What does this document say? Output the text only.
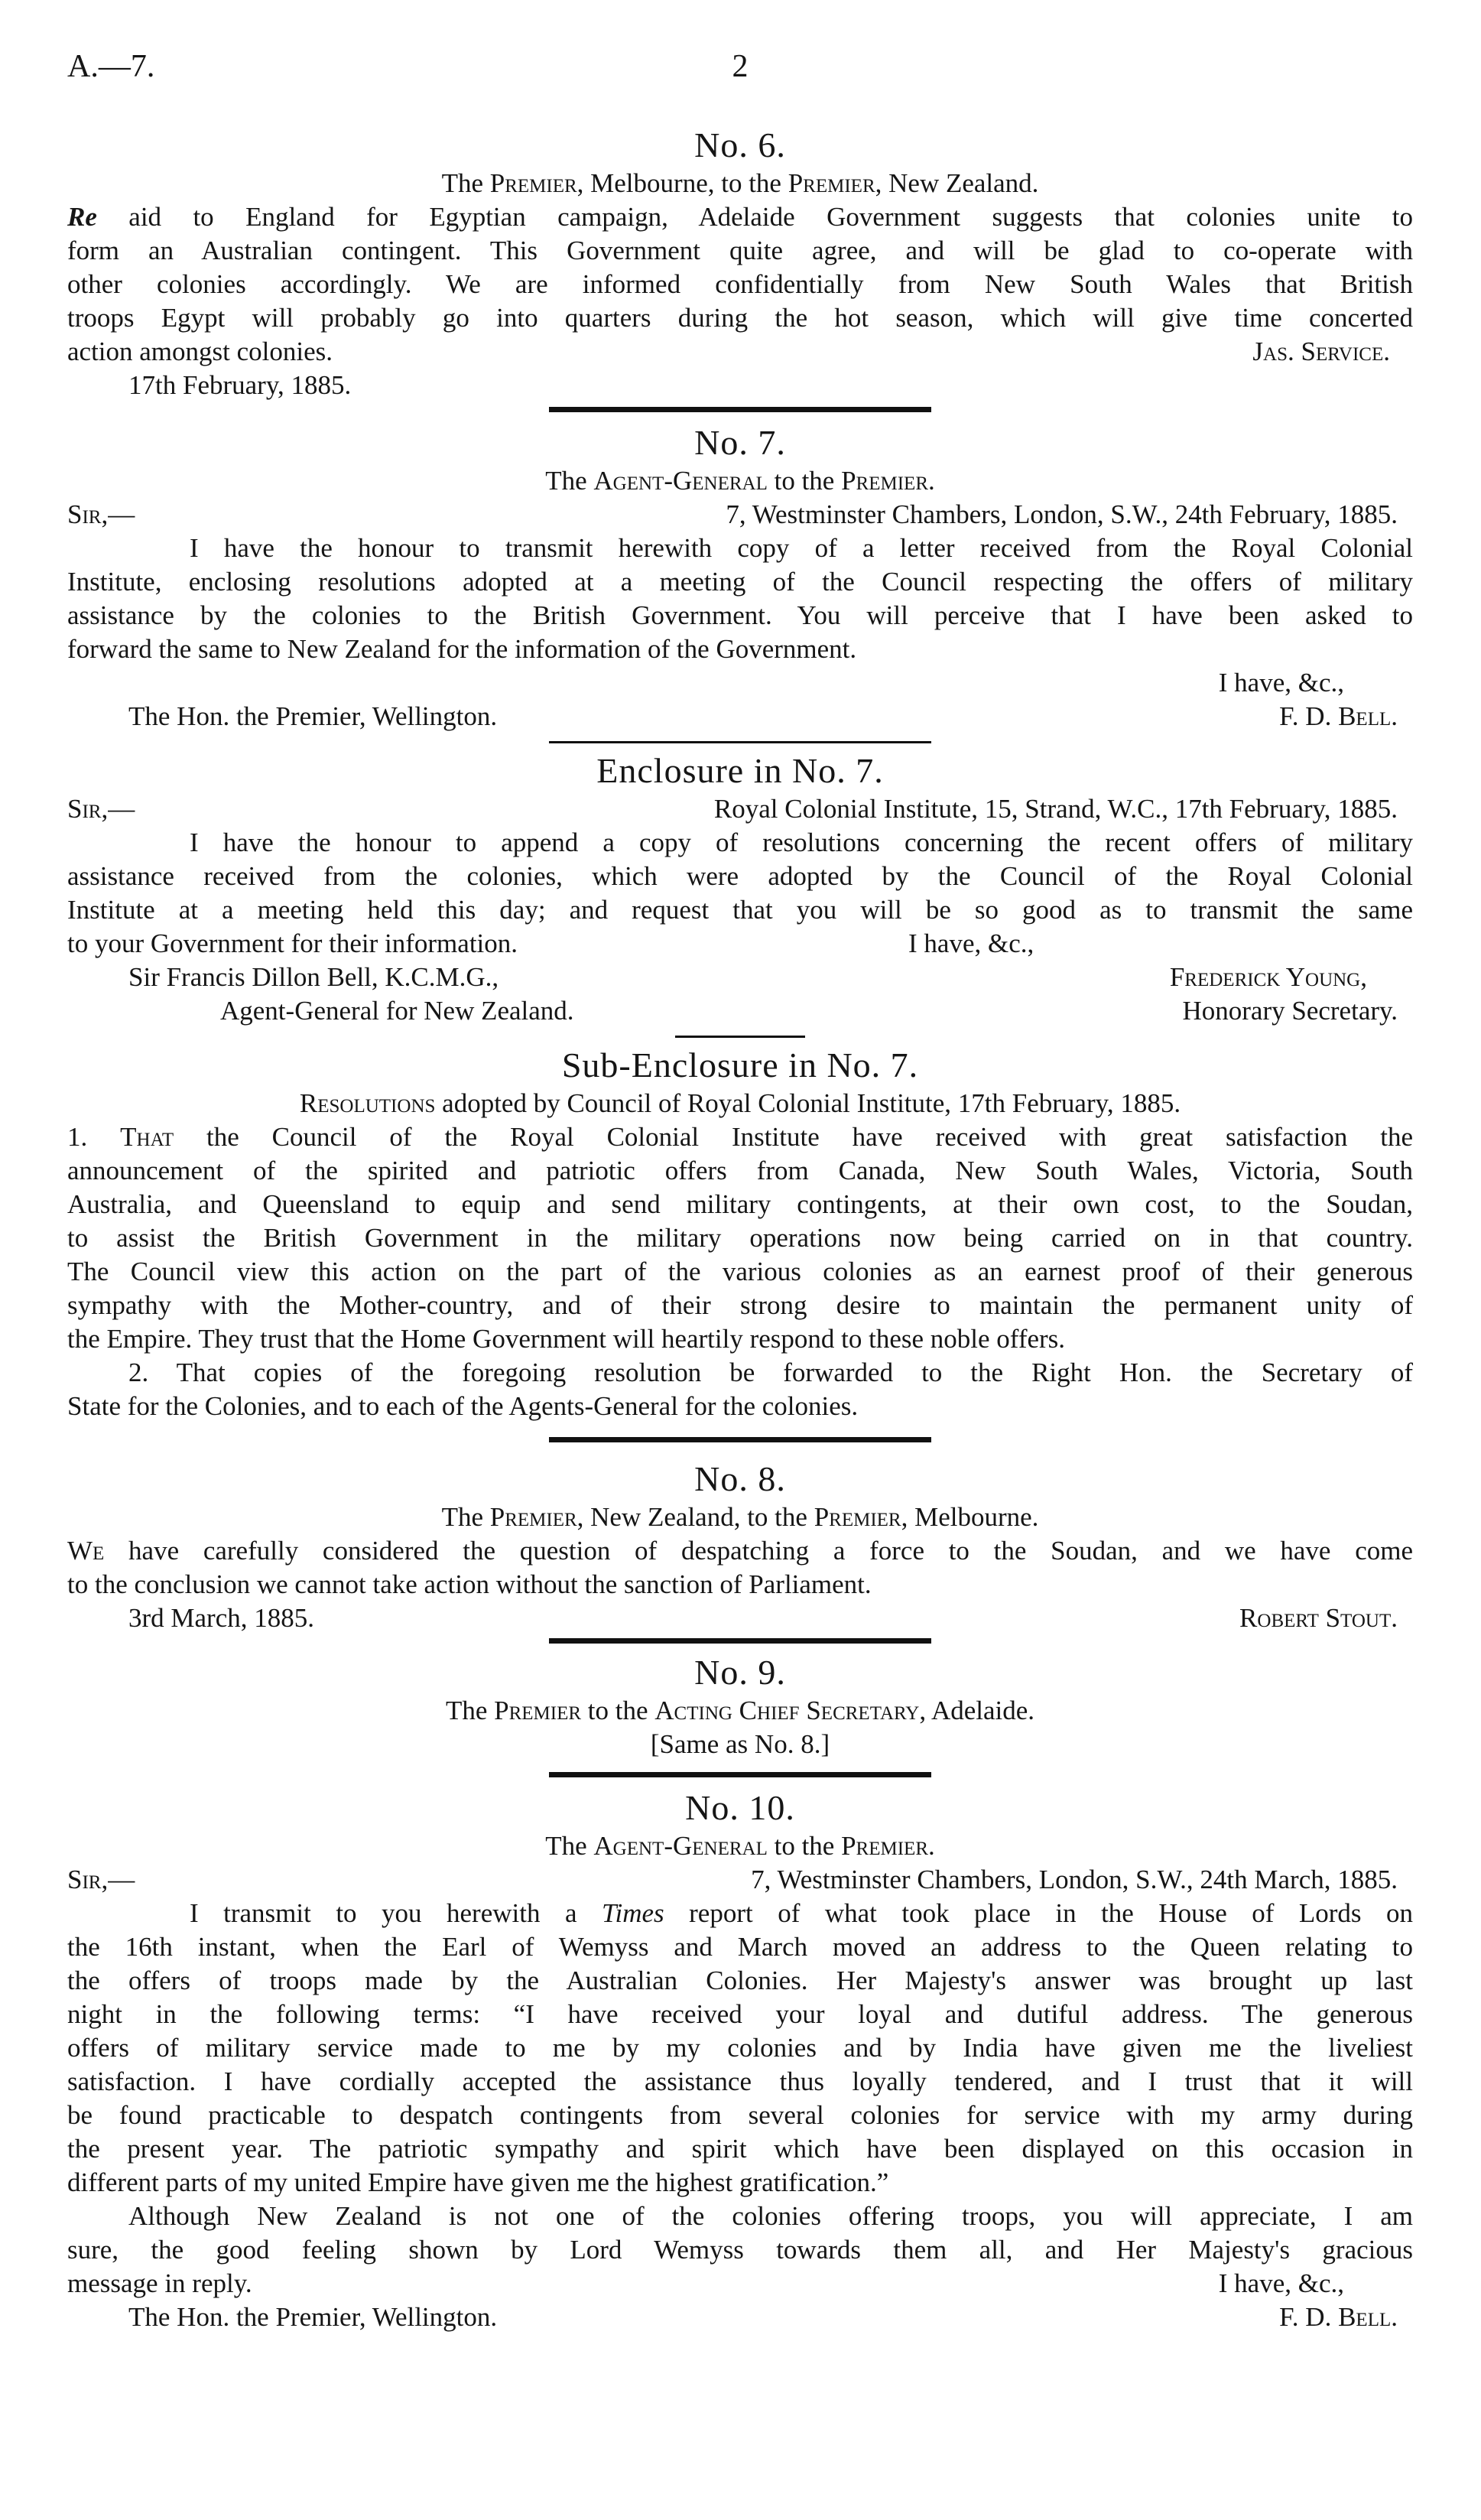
A.—7.	2
No. 6.
The Premier, Melbourne, to the Premier, New Zealand.
Re aid to England for Egyptian campaign, Adelaide Government suggests that colonies unite to
form an Australian contingent. This Government quite agree, and will be glad to co-operate with
other colonies accordingly. We are informed confidentially from New South Wales that British
troops Egypt will probably go into quarters during the hot season, which will give time concerted
action amongst colonies.	Jas. Service.
17th February, 1885.
No. 7.
The Agent-General to the Premier.
Sir,—	7, Westminster Chambers, London, S.W., 24th February, 1885.
I have the honour to transmit herewith copy of a letter received from the Royal Colonial
Institute, enclosing resolutions adopted at a meeting of the Council respecting the offers of military
assistance by the colonies to the British Government. You will perceive that I have been asked to
forward the same to New Zealand for the information of the Government.
I have, &c.,
The Hon. the Premier, Wellington.	F. D. Bell.
Enclosure in No. 7.
Sir,—	Royal Colonial Institute, 15, Strand, W.C., 17th February, 1885.
I have the honour to append a copy of resolutions concerning the recent offers of military
assistance received from the colonies, which were adopted by the Council of the Royal Colonial
Institute at a meeting held this day; and request that you will be so good as to transmit the same
to your Government for their information.	I have, &c.,
Sir Francis Dillon Bell, K.C.M.G.,	Frederick Young,
Agent-General for New Zealand.	Honorary Secretary.
Sub-Enclosure in No. 7.
Resolutions adopted by Council of Royal Colonial Institute, 17th February, 1885.
1. That the Council of the Royal Colonial Institute have received with great satisfaction the
announcement of the spirited and patriotic offers from Canada, New South Wales, Victoria, South
Australia, and Queensland to equip and send military contingents, at their own cost, to the Soudan,
to assist the British Government in the military operations now being carried on in that country.
The Council view this action on the part of the various colonies as an earnest proof of their generous
sympathy with the Mother-country, and of their strong desire to maintain the permanent unity of
the Empire. They trust that the Home Government will heartily respond to these noble offers.
2. That copies of the foregoing resolution be forwarded to the Right Hon. the Secretary of
State for the Colonies, and to each of the Agents-General for the colonies.
No. 8.
The Premier, New Zealand, to the Premier, Melbourne.
We have carefully considered the question of despatching a force to the Soudan, and we have come
to the conclusion we cannot take action without the sanction of Parliament.
3rd March, 1885.	Robert Stout.
No. 9.
The Premier to the Acting Chief Secretary, Adelaide.
[Same as No. 8.]
No. 10.
The Agent-General to the Premier.
Sir,—	7, Westminster Chambers, London, S.W., 24th March, 1885.
I transmit to you herewith a Times report of what took place in the House of Lords on
the 16th instant, when the Earl of Wemyss and March moved an address to the Queen relating to
the offers of troops made by the Australian Colonies. Her Majesty's answer was brought up last
night in the following terms: “I have received your loyal and dutiful address. The generous
offers of military service made to me by my colonies and by India have given me the liveliest
satisfaction. I have cordially accepted the assistance thus loyally tendered, and I trust that it will
be found practicable to despatch contingents from several colonies for service with my army during
the present year. The patriotic sympathy and spirit which have been displayed on this occasion in
different parts of my united Empire have given me the highest gratification.”
Although New Zealand is not one of the colonies offering troops, you will appreciate, I am
sure, the good feeling shown by Lord Wemyss towards them all, and Her Majesty's gracious
message in reply.	I have, &c.,
The Hon. the Premier, Wellington.	F. D. Bell.
